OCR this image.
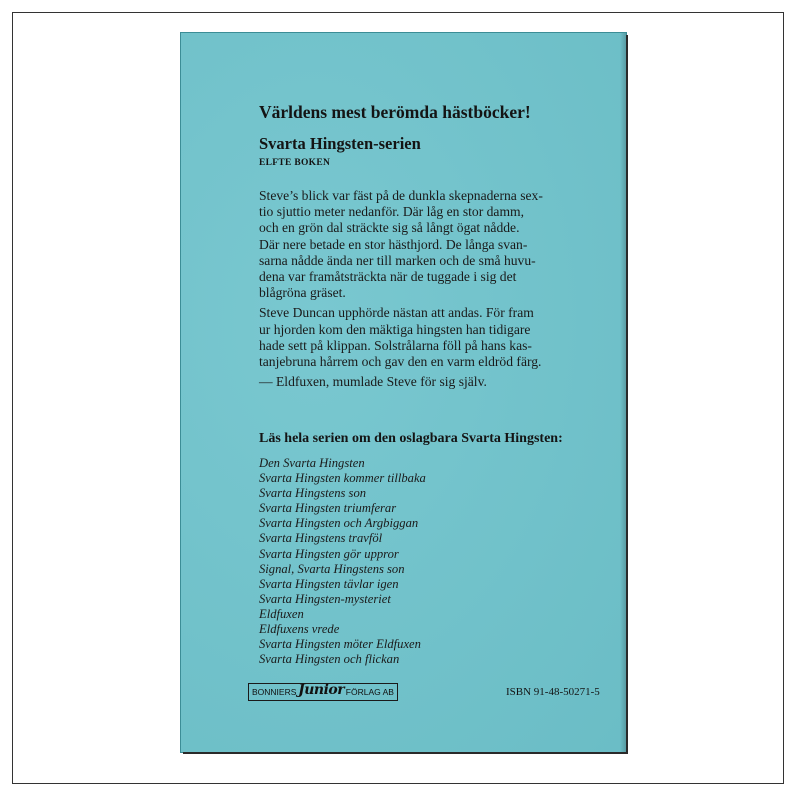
Världens mest berömda hästböcker!
Svarta Hingsten-serien
ELFTE BOKEN

Steve’s blick var fäst på de dunkla skepnaderna sex-
tio sjuttio meter nedanför. Där låg en stor damm,
och en grön dal sträckte sig så långt ögat nådde.
Där nere betade en stor hästhjord. De långa svan-
sarna nådde ända ner till marken och de små huvu-
dena var framåtsträckta när de tuggade i sig det
blågröna gräset.

Steve Duncan upphörde nästan att andas. För fram
ur hjorden kom den mäktiga hingsten han tidigare
hade sett på klippan. Solstrålarna föll på hans kas-
tanjebruna hårrem och gav den en varm eldröd färg.

— Eldfuxen, mumlade Steve för sig själv.

Läs hela serien om den oslagbara Svarta Hingsten:
Den Svarta Hingsten
Svarta Hingsten kommer tillbaka
Svarta Hingstens son
Svarta Hingsten triumferar
Svarta Hingsten och Argbiggan
Svarta Hingstens travföl
Svarta Hingsten gör uppror
Signal, Svarta Hingstens son
Svarta Hingsten tävlar igen
Svarta Hingsten-mysteriet
Eldfuxen
Eldfuxens vrede
Svarta Hingsten möter Eldfuxen
Svarta Hingsten och flickan
BONNIERS Junior FÖRLAG AB	ISBN 91-48-50271-5
